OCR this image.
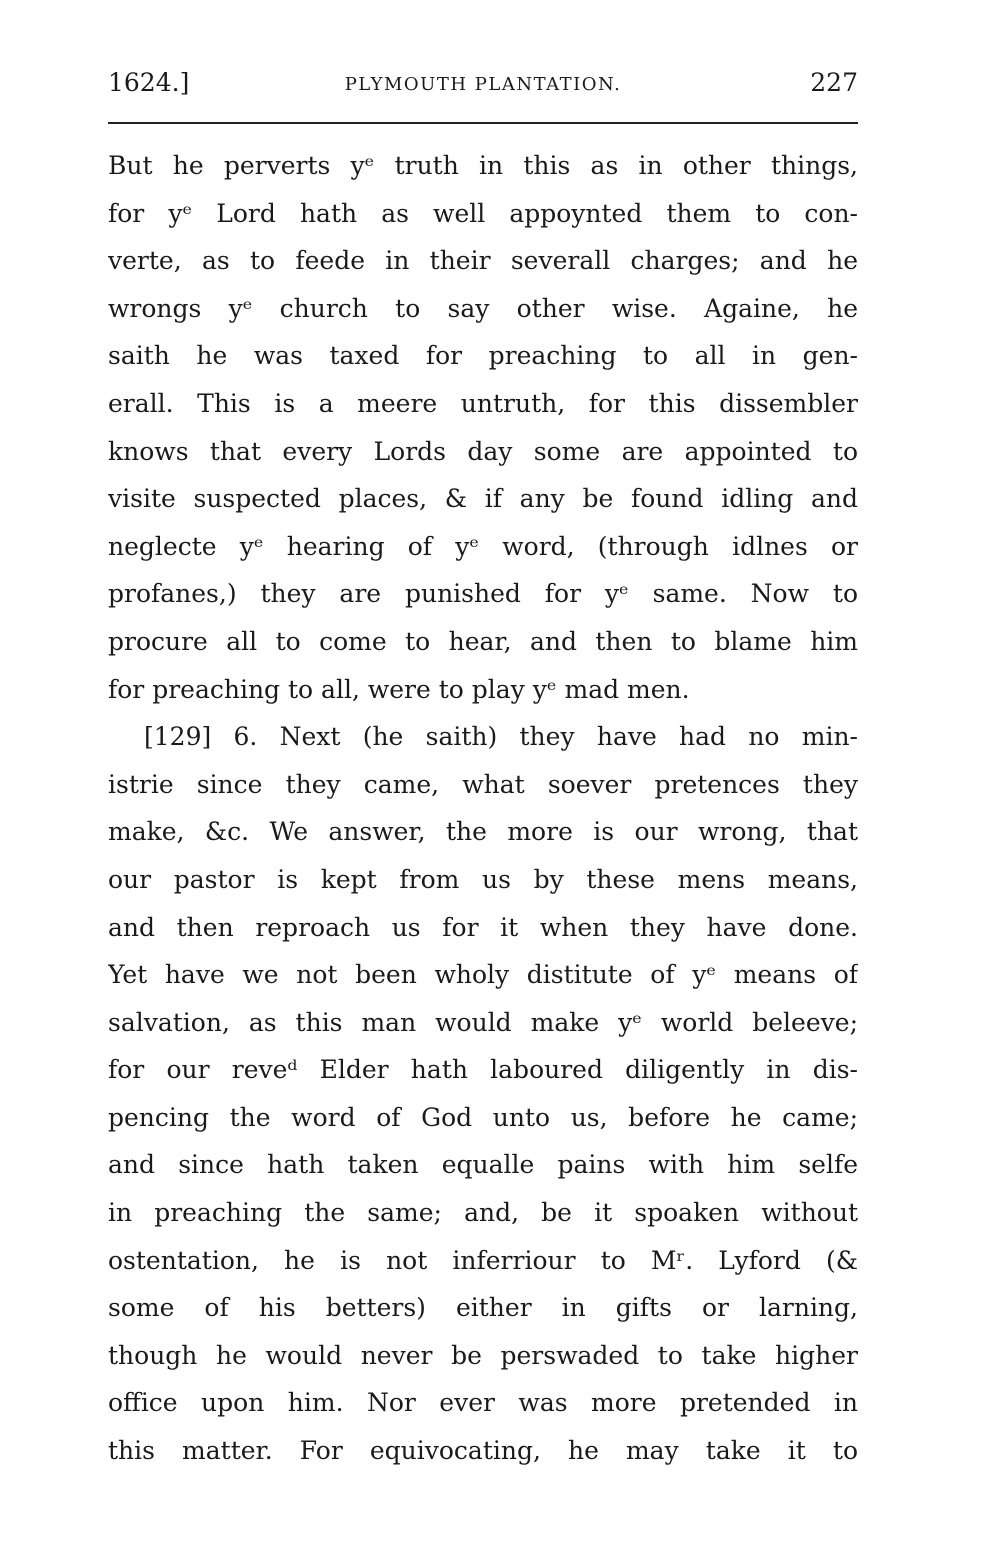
1624.]	PLYMOUTH PLANTATION.	227
But he perverts yᵉ truth in this as in other things,
for yᵉ Lord hath as well appoynted them to con-
verte, as to feede in their severall charges; and he
wrongs yᵉ church to say other wise. Againe, he
saith he was taxed for preaching to all in gen-
erall. This is a meere untruth, for this dissembler
knows that every Lords day some are appointed to
visite suspected places, & if any be found idling and
neglecte yᵉ hearing of yᵉ word, (through idlnes or
profanes,) they are punished for yᵉ same. Now to
procure all to come to hear, and then to blame him
for preaching to all, were to play yᵉ mad men.
[129] 6. Next (he saith) they have had no min-
istrie since they came, what soever pretences they
make, &c. We answer, the more is our wrong, that
our pastor is kept from us by these mens means,
and then reproach us for it when they have done.
Yet have we not been wholy distitute of yᵉ means of
salvation, as this man would make yᵉ world beleeve;
for our reveᵈ Elder hath laboured diligently in dis-
pencing the word of God unto us, before he came;
and since hath taken equalle pains with him selfe
in preaching the same; and, be it spoaken without
ostentation, he is not inferriour to Mʳ. Lyford (&
some of his betters) either in gifts or larning,
though he would never be perswaded to take higher
office upon him. Nor ever was more pretended in
this matter. For equivocating, he may take it to
